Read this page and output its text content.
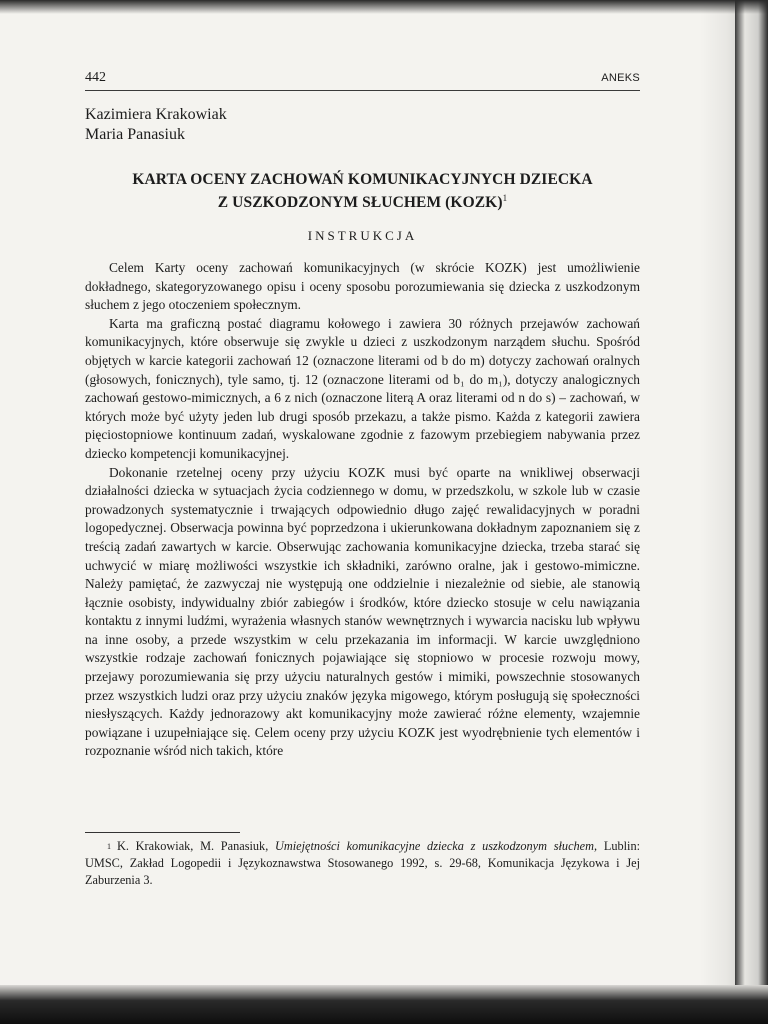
442	ANEKS
Kazimiera Krakowiak
Maria Panasiuk
KARTA OCENY ZACHOWAŃ KOMUNIKACYJNYCH DZIECKA
Z USZKODZONYM SŁUCHEM (KOZK)$^1$
INSTRUKCJA

Celem Karty oceny zachowań komunikacyjnych (w skrócie KOZK) jest umożliwienie dokładnego, skategoryzowanego opisu i oceny sposobu porozumiewania się dziecka z uszkodzonym słuchem z jego otoczeniem społecznym.

Karta ma graficzną postać diagramu kołowego i zawiera 30 różnych przejawów zachowań komunikacyjnych, które obserwuje się zwykle u dzieci z uszkodzonym narządem słuchu. Spośród objętych w karcie kategorii zachowań 12 (oznaczone literami od b do m) dotyczy zachowań oralnych (głosowych, fonicznych), tyle samo, tj. 12 (oznaczone literami od b₁ do m₁), dotyczy analogicznych zachowań gestowo-mimicznych, a 6 z nich (oznaczone literą A oraz literami od n do s) – zachowań, w których może być użyty jeden lub drugi sposób przekazu, a także pismo. Każda z kategorii zawiera pięciostopniowe kontinuum zadań, wyskalowane zgodnie z fazowym przebiegiem nabywania przez dziecko kompetencji komunikacyjnej.

Dokonanie rzetelnej oceny przy użyciu KOZK musi być oparte na wnikliwej obserwacji działalności dziecka w sytuacjach życia codziennego w domu, w przedszkolu, w szkole lub w czasie prowadzonych systematycznie i trwających odpowiednio długo zajęć rewalidacyjnych w poradni logopedycznej. Obserwacja powinna być poprzedzona i ukierunkowana dokładnym zapoznaniem się z treścią zadań zawartych w karcie. Obserwując zachowania komunikacyjne dziecka, trzeba starać się uchwycić w miarę możliwości wszystkie ich składniki, zarówno oralne, jak i gestowo-mimiczne. Należy pamiętać, że zazwyczaj nie występują one oddzielnie i niezależnie od siebie, ale stanowią łącznie osobisty, indywidualny zbiór zabiegów i środków, które dziecko stosuje w celu nawiązania kontaktu z innymi ludźmi, wyrażenia własnych stanów wewnętrznych i wywarcia nacisku lub wpływu na inne osoby, a przede wszystkim w celu przekazania im informacji. W karcie uwzględniono wszystkie rodzaje zachowań fonicznych pojawiające się stopniowo w procesie rozwoju mowy, przejawy porozumiewania się przy użyciu naturalnych gestów i mimiki, powszechnie stosowanych przez wszystkich ludzi oraz przy użyciu znaków języka migowego, którym posługują się społeczności niesłyszących. Każdy jednorazowy akt komunikacyjny może zawierać różne elementy, wzajemnie powiązane i uzupełniające się. Celem oceny przy użyciu KOZK jest wyodrębnienie tych elementów i rozpoznanie wśród nich takich, które

$^1$ K. Krakowiak, M. Panasiuk, Umiejętności komunikacyjne dziecka z uszkodzonym słuchem, Lublin: UMSC, Zakład Logopedii i Językoznawstwa Stosowanego 1992, s. 29-68, Komunikacja Językowa i Jej Zaburzenia 3.
